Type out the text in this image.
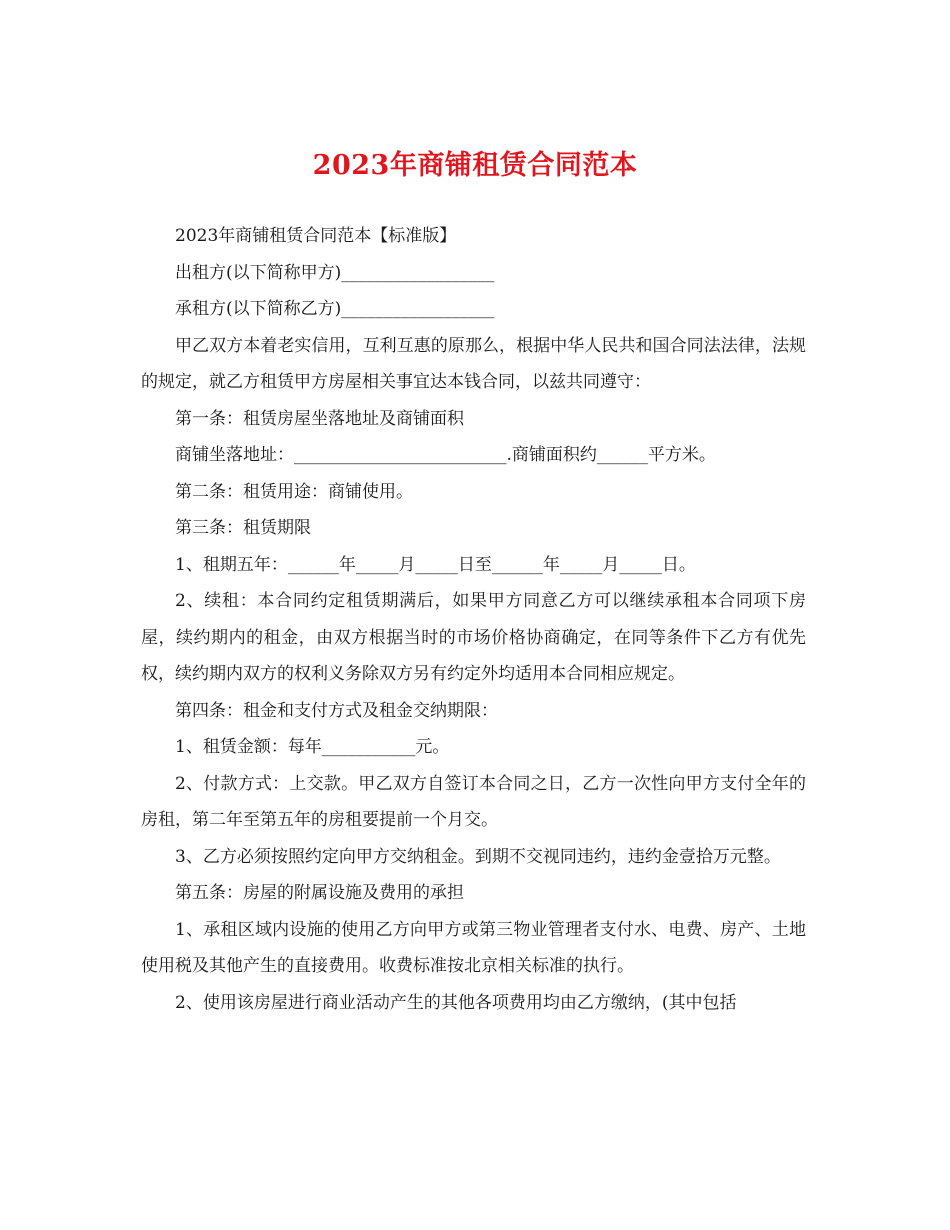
2023年商铺租赁合同范本

2023年商铺租赁合同范本【标准版】

出租方(以下简称甲方)__________________

承租方(以下简称乙方)__________________

甲乙双方本着老实信用，互利互惠的原那么，根据中华人民共和国合同法法律，法规的规定，就乙方租赁甲方房屋相关事宜达本钱合同，以兹共同遵守：

第一条：租赁房屋坐落地址及商铺面积

商铺坐落地址：_________________________.商铺面积约______平方米。

第二条：租赁用途：商铺使用。

第三条：租赁期限

1、租期五年：______年_____月_____日至______年_____月_____日。

2、续租：本合同约定租赁期满后，如果甲方同意乙方可以继续承租本合同项下房屋，续约期内的租金，由双方根据当时的市场价格协商确定，在同等条件下乙方有优先权，续约期内双方的权利义务除双方另有约定外均适用本合同相应规定。

第四条：租金和支付方式及租金交纳期限：

1、租赁金额：每年___________元。

2、付款方式：上交款。甲乙双方自签订本合同之日，乙方一次性向甲方支付全年的房租，第二年至第五年的房租要提前一个月交。

3、乙方必须按照约定向甲方交纳租金。到期不交视同违约，违约金壹拾万元整。

第五条：房屋的附属设施及费用的承担

1、承租区域内设施的使用乙方向甲方或第三物业管理者支付水、电费、房产、土地使用税及其他产生的直接费用。收费标准按北京相关标准的执行。

2、使用该房屋进行商业活动产生的其他各项费用均由乙方缴纳，(其中包括
